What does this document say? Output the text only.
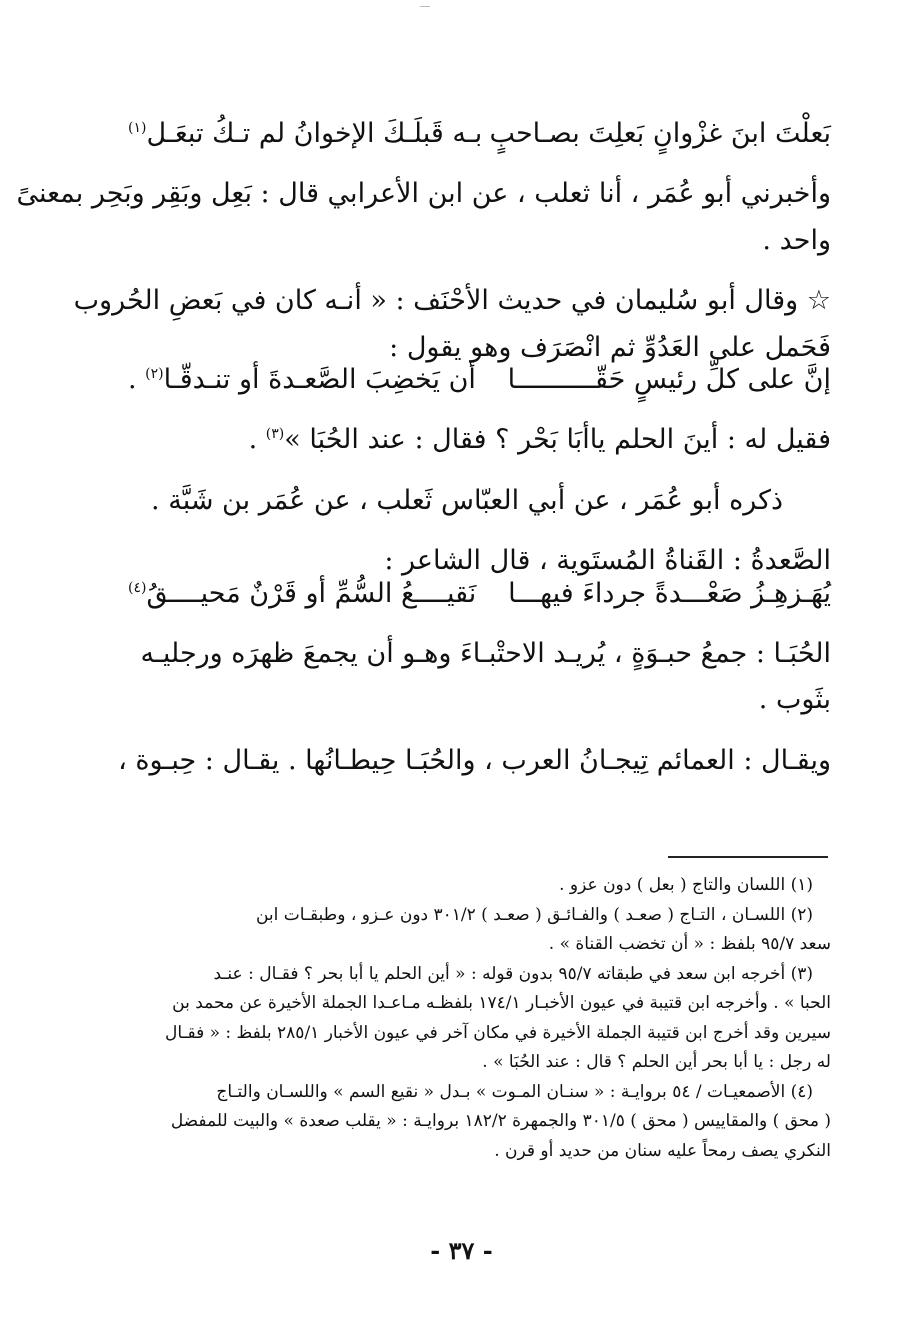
بَعلْتَ ابنَ غزْوانٍ بَعلِتَ بصـاحبٍ
بـه قَبلَـكَ الإخوانُ لم تـكُ تبعَـل$^{(١)}$

وأخبرني أبو عُمَر ، أنا ثعلب ، عن ابن الأعرابي قال : بَعِل وبَقِر وبَحِر بمعنىً

واحد .

☆ وقال أبو سُليمان في حديث الأحْنَف : « أنـه كان في بَعضِ الحُروب

فَحَمل على العَدُوِّ ثم انْصَرَف وهو يقول :

إنَّ على كلِّ رئيسٍ حَقّــــــــــا
أن يَخضِبَ الصَّعـدةَ أو تنـدقّـا$^{(٢)}$ .

فقيل له : أينَ الحلم ياأبَا بَحْر ؟ فقال : عند الحُبَا »$^{(٣)}$ .

ذكره أبو عُمَر ، عن أبي العبّاس ثَعلب ، عن عُمَر بن شَبَّة .

الصَّعدةُ : القَناةُ المُستَوية ، قال الشاعر :

يُهَـزهِـزُ صَعْـــدةً جرداءَ فيهـــا
نَقيــــعُ السُّمِّ أو قَرْنٌ مَحيــــقُ$^{(٤)}$

الحُبَـا : جمعُ حبـوَةٍ ، يُريـد الاحتْبـاءَ وهـو أن يجمعَ ظهرَه ورجليـه

بثَوب .

ويقـال : العمائم تِيجـانُ العرب ، والحُبَـا حِيطـانُها . يقـال : حِبـوة ،

(١) اللسان والتاج ( بعل ) دون عزو .

(٢) اللسـان ، التـاج ( صعـد ) والفـائـق ( صعـد ) ٣٠١/٢ دون عـزو ، وطبقـات ابن

سعد ٩٥/٧ بلفظ : « أن تخضب القناة » .

(٣) أخرجه ابن سعد في طبقاته ٩٥/٧ بدون قوله : « أين الحلم يا أبا بحر ؟ فقـال : عنـد

الحبا » . وأخرجه ابن قتيبة في عيون الأخبـار ١٧٤/١ بلفظـه مـاعـدا الجملة الأخيرة عن محمد بن

سيرين وقد أخرج ابن قتيبة الجملة الأخيرة في مكان آخر في عيون الأخبار ٢٨٥/١ بلفظ : « فقـال

له رجل : يا أبا بحر أين الحلم ؟ قال : عند الحُبَا » .

(٤) الأصمعيـات / ٥٤ بروايـة : « سنـان المـوت » بـدل « نقيع السم » واللسـان والتـاج

( محق ) والمقاييس ( محق ) ٣٠١/٥ والجمهرة ١٨٢/٢ بروايـة : « يقلب صعدة » والبيت للمفضل

النكري يصف رمحاً عليه سنان من حديد أو قرن .

- ٣٧ -
